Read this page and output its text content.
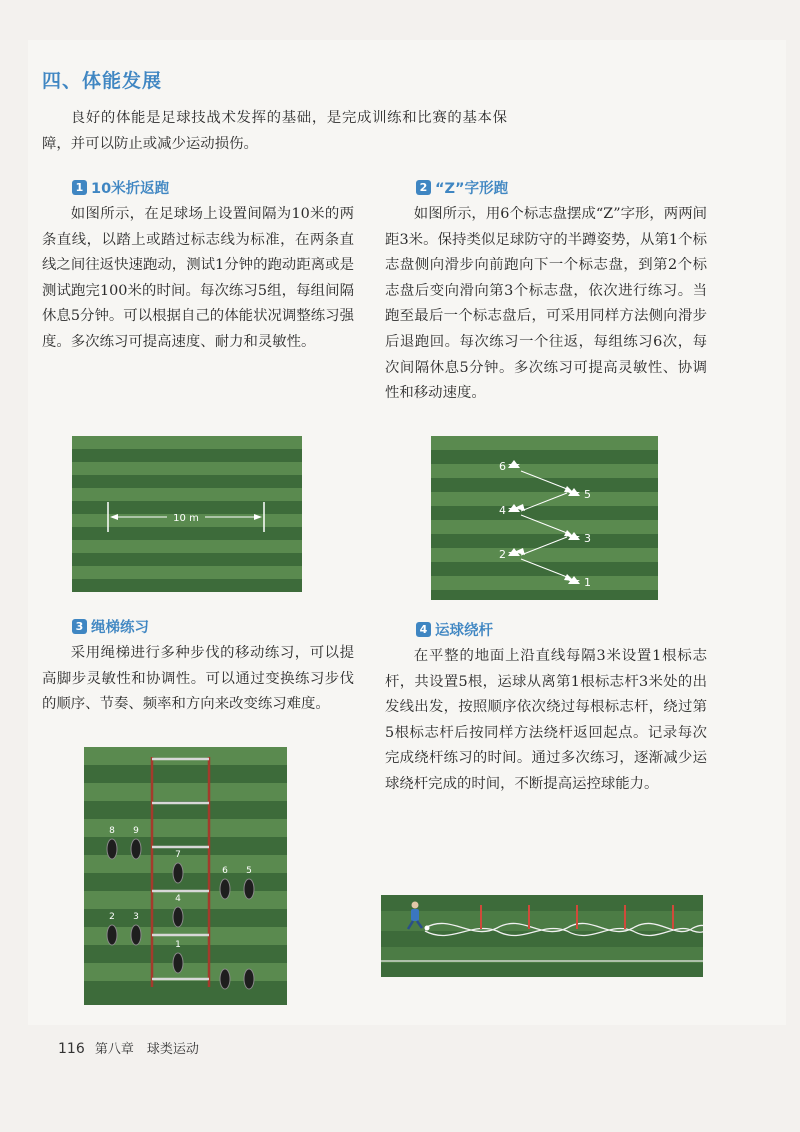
四、体能发展

良好的体能是足球技战术发挥的基础，是完成训练和比赛的基本保障，并可以防止或减少运动损伤。

1 10米折返跑

如图所示，在足球场上设置间隔为10米的两条直线，以踏上或踏过标志线为标准，在两条直线之间往返快速跑动，测试1分钟的跑动距离或是测试跑完100米的时间。每次练习5组，每组间隔休息5分钟。可以根据自己的体能状况调整练习强度。多次练习可提高速度、耐力和灵敏性。

2 “Z”字形跑

如图所示，用6个标志盘摆成“Z”字形，两两间距3米。保持类似足球防守的半蹲姿势，从第1个标志盘侧向滑步向前跑向下一个标志盘，到第2个标志盘后变向滑向第3个标志盘，依次进行练习。当跑至最后一个标志盘后，可采用同样方法侧向滑步后退跑回。每次练习一个往返，每组练习6次，每次间隔休息5分钟。多次练习可提高灵敏性、协调性和移动速度。

10 m
1
2
3
4
5
6
3 绳梯练习

采用绳梯进行多种步伐的移动练习，可以提高脚步灵敏性和协调性。可以通过变换练习步伐的顺序、节奏、频率和方向来改变练习难度。

4 运球绕杆

在平整的地面上沿直线每隔3米设置1根标志杆，共设置5根，运球从离第1根标志杆3米处的出发线出发，按照顺序依次绕过每根标志杆，绕过第5根标志杆后按同样方法绕杆返回起点。记录每次完成绕杆练习的时间。通过多次练习，逐渐减少运球绕杆完成的时间，不断提高运控球能力。

1
2 3
4
5
6
7
8 9
116 第八章　球类运动
